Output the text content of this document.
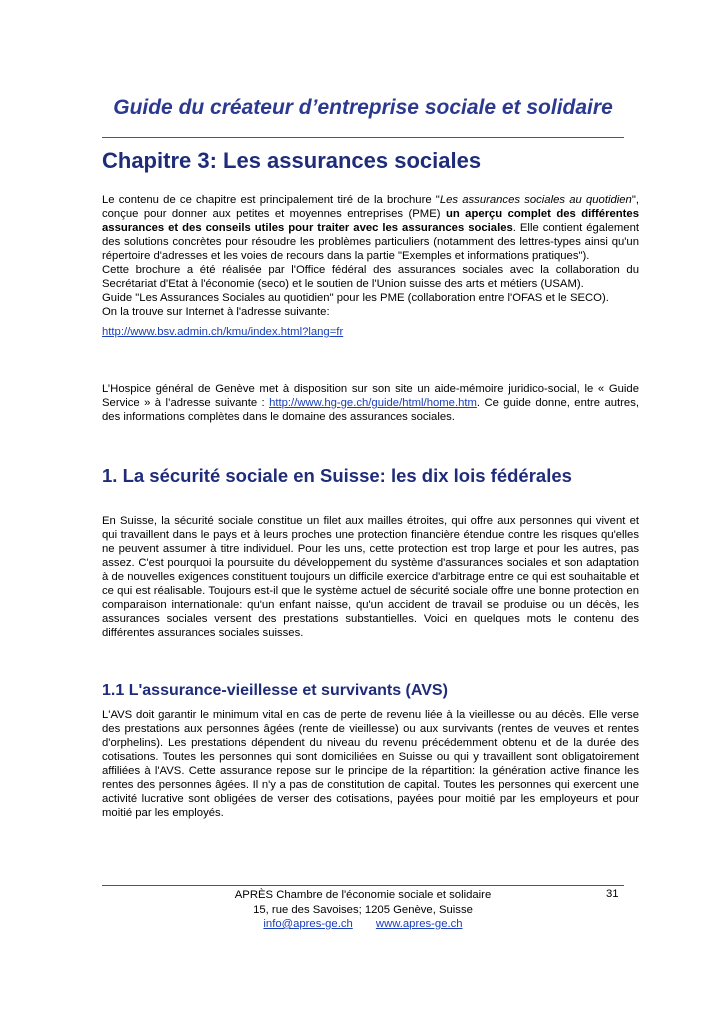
Guide du créateur d’entreprise sociale et solidaire
Chapitre 3: Les assurances sociales

Le contenu de ce chapitre est principalement tiré de la brochure "Les assurances sociales au quotidien", conçue pour donner aux petites et moyennes entreprises (PME) un aperçu complet des différentes assurances et des conseils utiles pour traiter avec les assurances sociales. Elle contient également des solutions concrètes pour résoudre les problèmes particuliers (notamment des lettres-types ainsi qu'un répertoire d'adresses et les voies de recours dans la partie "Exemples et informations pratiques").

Cette brochure a été réalisée par l'Office fédéral des assurances sociales avec la collaboration du Secrétariat d'Etat à l'économie (seco) et le soutien de l'Union suisse des arts et métiers (USAM).

Guide "Les Assurances Sociales au quotidien" pour les PME (collaboration entre l'OFAS et le SECO).

On la trouve sur Internet à l'adresse suivante:

http://www.bsv.admin.ch/kmu/index.html?lang=fr

L’Hospice général de Genève met à disposition sur son site un aide-mémoire juridico-social, le « Guide Service » à l’adresse suivante : http://www.hg-ge.ch/guide/html/home.htm. Ce guide donne, entre autres, des informations complètes dans le domaine des assurances sociales.

1. La sécurité sociale en Suisse: les dix lois fédérales

En Suisse, la sécurité sociale constitue un filet aux mailles étroites, qui offre aux personnes qui vivent et qui travaillent dans le pays et à leurs proches une protection financière étendue contre les risques qu'elles ne peuvent assumer à titre individuel. Pour les uns, cette protection est trop large et pour les autres, pas assez. C'est pourquoi la poursuite du développement du système d'assurances sociales et son adaptation à de nouvelles exigences constituent toujours un difficile exercice d'arbitrage entre ce qui est souhaitable et ce qui est réalisable. Toujours est-il que le système actuel de sécurité sociale offre une bonne protection en comparaison internationale: qu'un enfant naisse, qu'un accident de travail se produise ou un décès, les assurances sociales versent des prestations substantielles. Voici en quelques mots le contenu des différentes assurances sociales suisses.

1.1 L'assurance-vieillesse et survivants (AVS)

L'AVS doit garantir le minimum vital en cas de perte de revenu liée à la vieillesse ou au décès. Elle verse des prestations aux personnes âgées (rente de vieillesse) ou aux survivants (rentes de veuves et rentes d'orphelins). Les prestations dépendent du niveau du revenu précédemment obtenu et de la durée des cotisations. Toutes les personnes qui sont domiciliées en Suisse ou qui y travaillent sont obligatoirement affiliées à l'AVS. Cette assurance repose sur le principe de la répartition: la génération active finance les rentes des personnes âgées. Il n'y a pas de constitution de capital. Toutes les personnes qui exercent une activité lucrative sont obligées de verser des cotisations, payées pour moitié par les employeurs et pour moitié par les employés.

APRÈS Chambre de l'économie sociale et solidaire
15, rue des Savoises; 1205 Genève, Suisse
info@apres-ge.ch www.apres-ge.ch
31
